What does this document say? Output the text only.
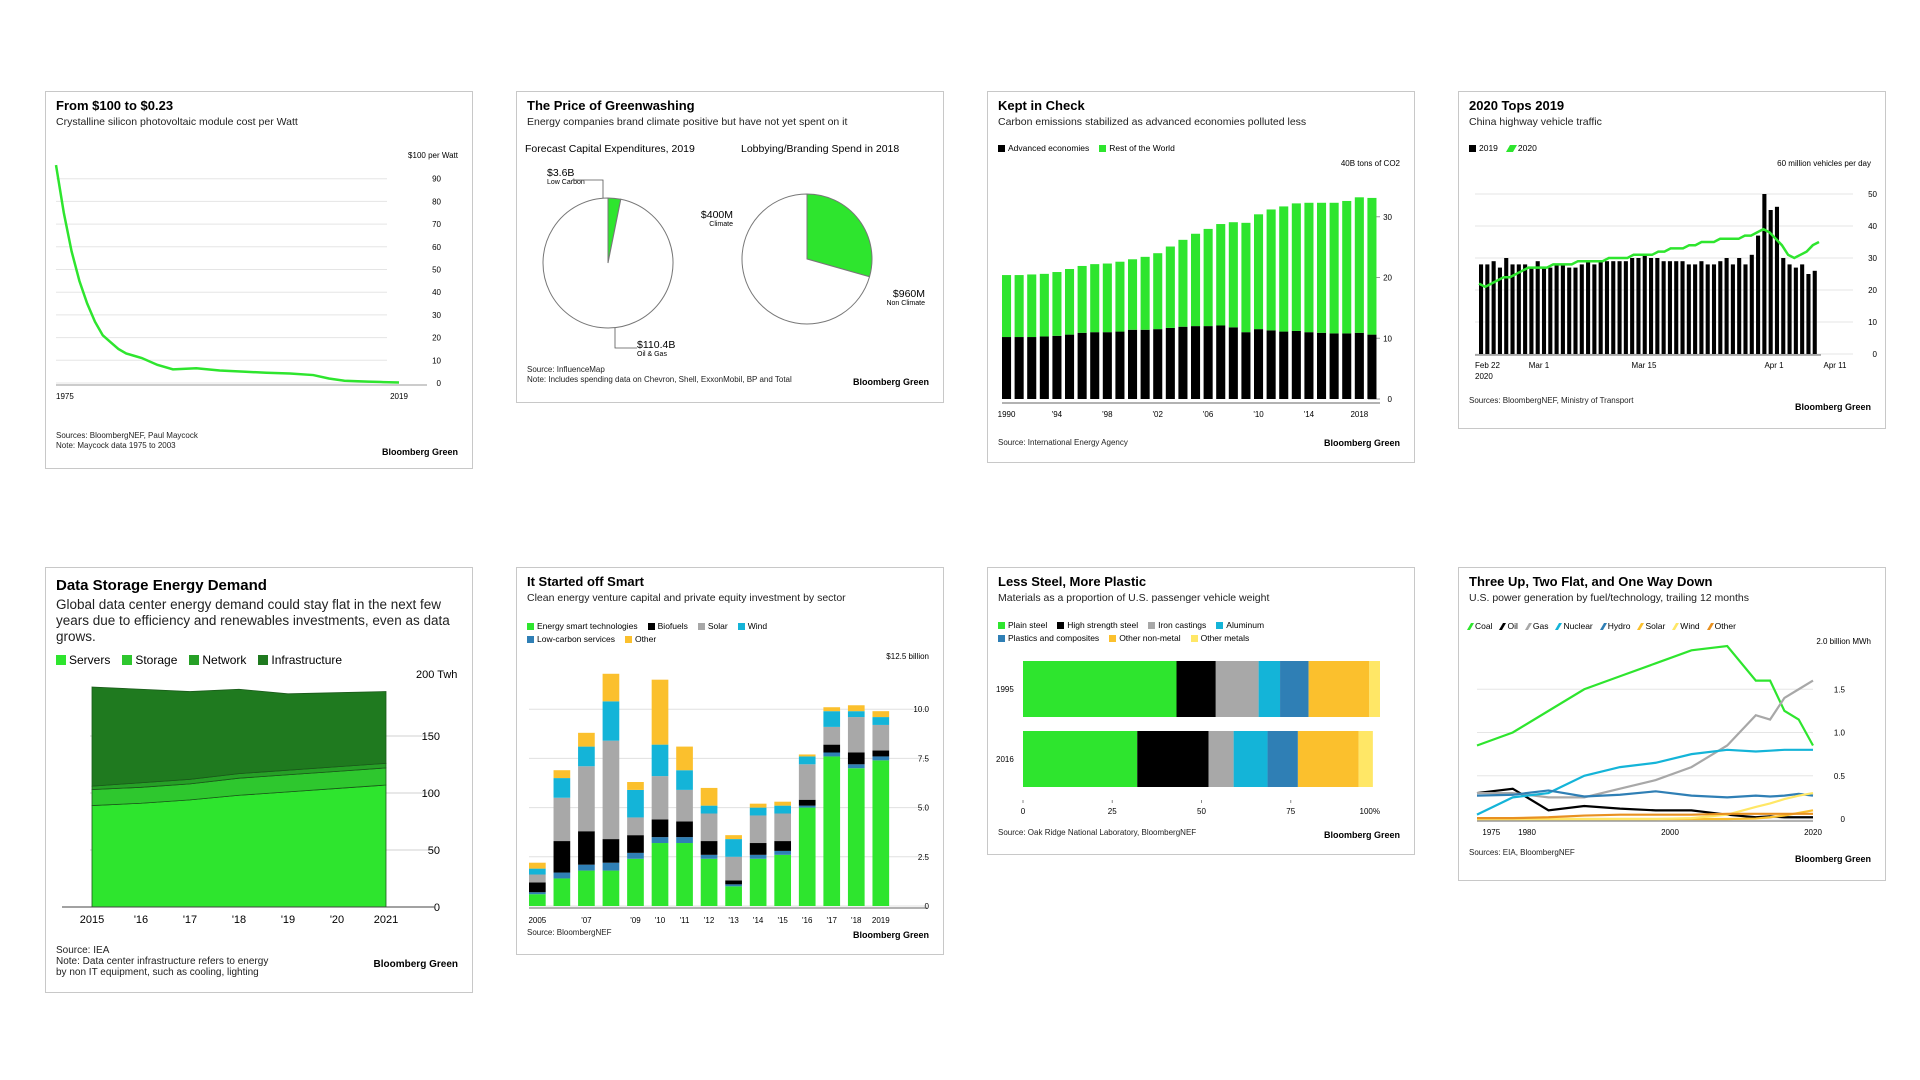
From $100 to $0.23
Crystalline silicon photovoltaic module cost per Watt
$100 per Watt
0
10
20
30
40
50
60
70
80
90
1975	2019
Sources: BloombergNEF, Paul Maycock
Note: Maycock data 1975 to 2003
Bloomberg Green
The Price of Greenwashing
Energy companies brand climate positive but have not yet spent on it
Forecast Capital Expenditures, 2019	Lobbying/Branding Spend in 2018
$3.6B
Low Carbon
$110.4B
Oil & Gas
$400M
Climate
$960M
Non Climate
Source: InfluenceMap
Note: Includes spending data on Chevron, Shell, ExxonMobil, BP and Total	Bloomberg Green
Kept in Check
Carbon emissions stabilized as advanced economies polluted less
Advanced economies Rest of the World
40B tons of CO2
0
10
20
30
1990	'94	'98	'02	'06	'10	'14	2018
Source: International Energy Agency	Bloomberg Green
2020 Tops 2019
China highway vehicle traffic
2019 2020
60 million vehicles per day
0
10
20
30
40
50
Feb 22
2020
Mar 1	Mar 15	Apr 1	Apr 11
Sources: BloombergNEF, Ministry of Transport
Bloomberg Green
Data Storage Energy Demand
Global data center energy demand could stay flat in the next few years due to efficiency and renewables investments, even as data grows.
Servers Storage Network Infrastructure
200 Twh
0
50
100
150
2015	'16	'17	'18	'19	'20	2021
Source: IEA
Note: Data center infrastructure refers to energy
by non IT equipment, such as cooling, lighting
Bloomberg Green
It Started off Smart
Clean energy venture capital and private equity investment by sector
Energy smart technologies Biofuels Solar Wind
Low-carbon services Other
$12.5 billion
0
2.5
5.0
7.5
10.0
2005	'07	'09 '10 '11 '12 '13 '14 '15 '16 '17 '18 2019
Source: BloombergNEF	Bloomberg Green
Less Steel, More Plastic
Materials as a proportion of U.S. passenger vehicle weight
Plain steel High strength steel Iron castings Aluminum
Plastics and composites Other non-metal Other metals
1995
2016
0	25	50	75	100%
Source: Oak Ridge National Laboratory, BloombergNEF	Bloomberg Green
Three Up, Two Flat, and One Way Down
U.S. power generation by fuel/technology, trailing 12 months
Coal Oil Gas Nuclear Hydro Solar Wind Other
2.0 billion MWh
0
0.5
1.0
1.5
1975 1980	2000	2020
Sources: EIA, BloombergNEF
Bloomberg Green
